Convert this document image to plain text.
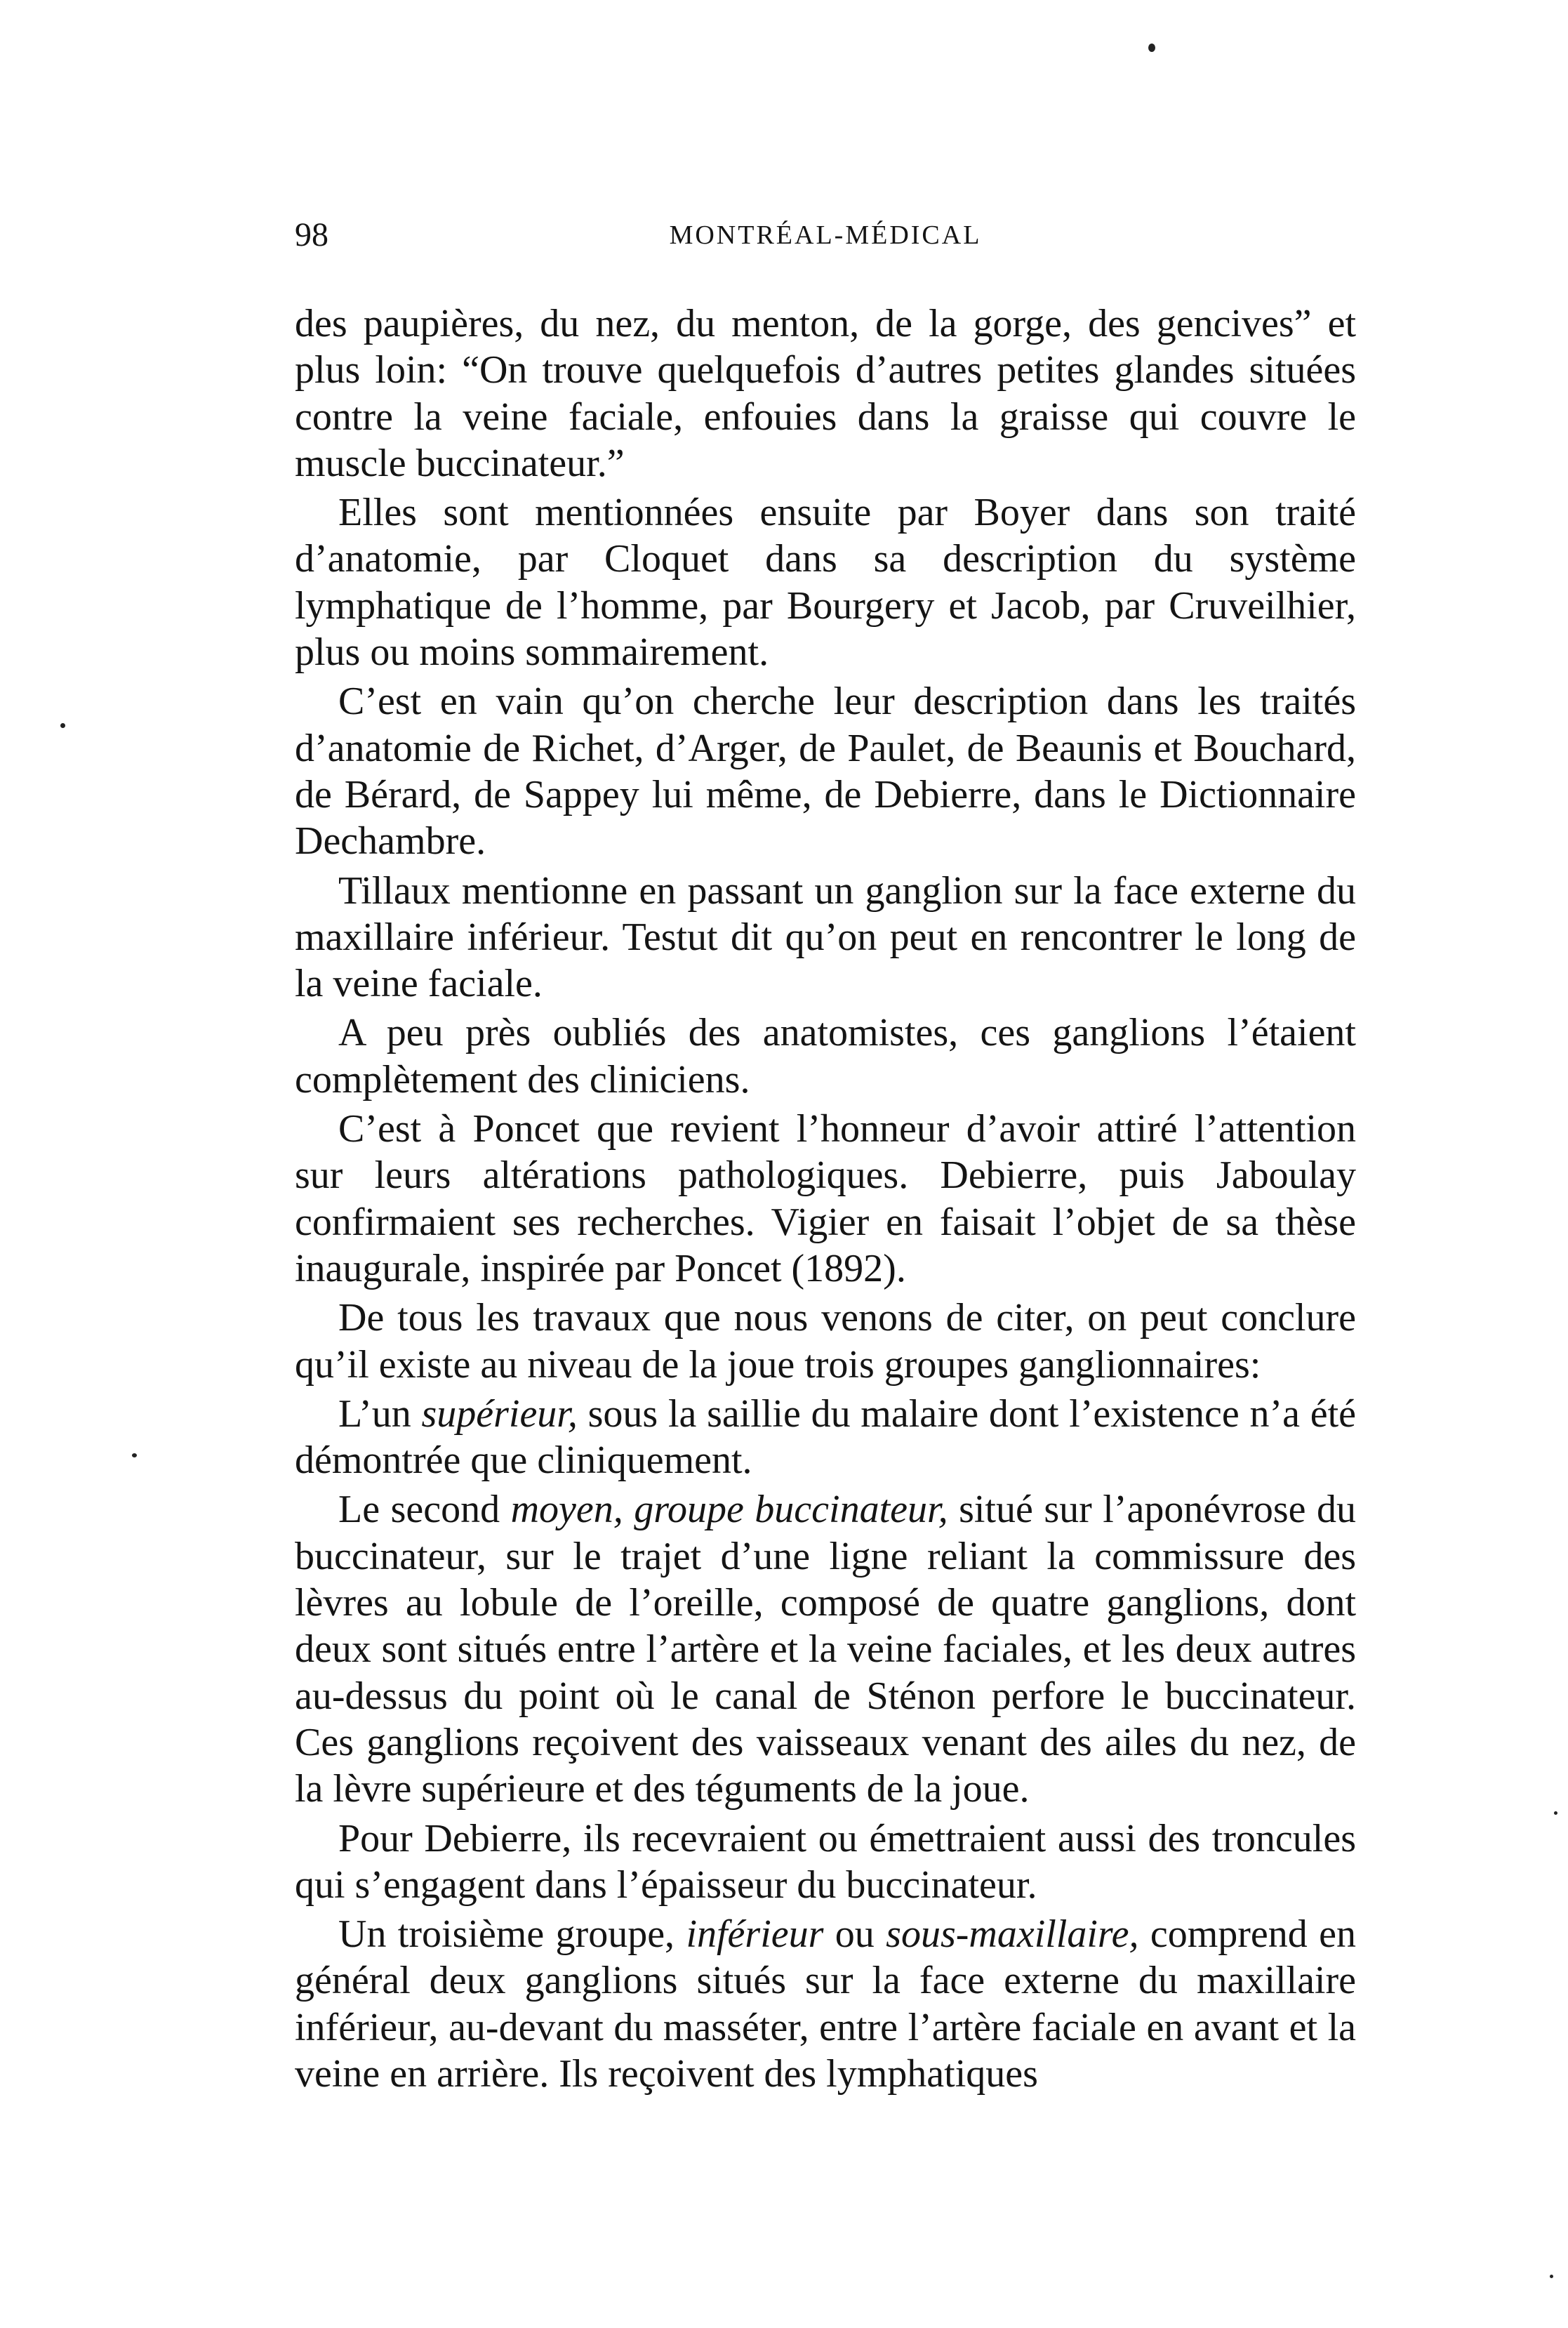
98	MONTRÉAL-MÉDICAL

des paupières, du nez, du menton, de la gorge, des gencives” et plus loin: “On trouve quelquefois d’autres petites glandes situées contre la veine faciale, enfouies dans la graisse qui couvre le muscle buccinateur.”

Elles sont mentionnées ensuite par Boyer dans son traité d’anatomie, par Cloquet dans sa description du système lymphatique de l’homme, par Bourgery et Jacob, par Cruveilhier, plus ou moins sommairement.

C’est en vain qu’on cherche leur description dans les traités d’anatomie de Richet, d’Arger, de Paulet, de Beaunis et Bouchard, de Bérard, de Sappey lui même, de Debierre, dans le Dictionnaire Dechambre.

Tillaux mentionne en passant un ganglion sur la face externe du maxillaire inférieur. Testut dit qu’on peut en rencontrer le long de la veine faciale.

A peu près oubliés des anatomistes, ces ganglions l’étaient complètement des cliniciens.

C’est à Poncet que revient l’honneur d’avoir attiré l’attention sur leurs altérations pathologiques. Debierre, puis Jaboulay confirmaient ses recherches. Vigier en faisait l’objet de sa thèse inaugurale, inspirée par Poncet (1892).

De tous les travaux que nous venons de citer, on peut conclure qu’il existe au niveau de la joue trois groupes ganglionnaires:

L’un supérieur, sous la saillie du malaire dont l’existence n’a été démontrée que cliniquement.

Le second moyen, groupe buccinateur, situé sur l’aponévrose du buccinateur, sur le trajet d’une ligne reliant la commissure des lèvres au lobule de l’oreille, composé de quatre ganglions, dont deux sont situés entre l’artère et la veine faciales, et les deux autres au-dessus du point où le canal de Sténon perfore le buccinateur. Ces ganglions reçoivent des vaisseaux venant des ailes du nez, de la lèvre supérieure et des téguments de la joue.

Pour Debierre, ils recevraient ou émettraient aussi des troncules qui s’engagent dans l’épaisseur du buccinateur.

Un troisième groupe, inférieur ou sous-maxillaire, comprend en général deux ganglions situés sur la face externe du maxillaire inférieur, au-devant du masséter, entre l’artère faciale en avant et la veine en arrière. Ils reçoivent des lymphatiques
